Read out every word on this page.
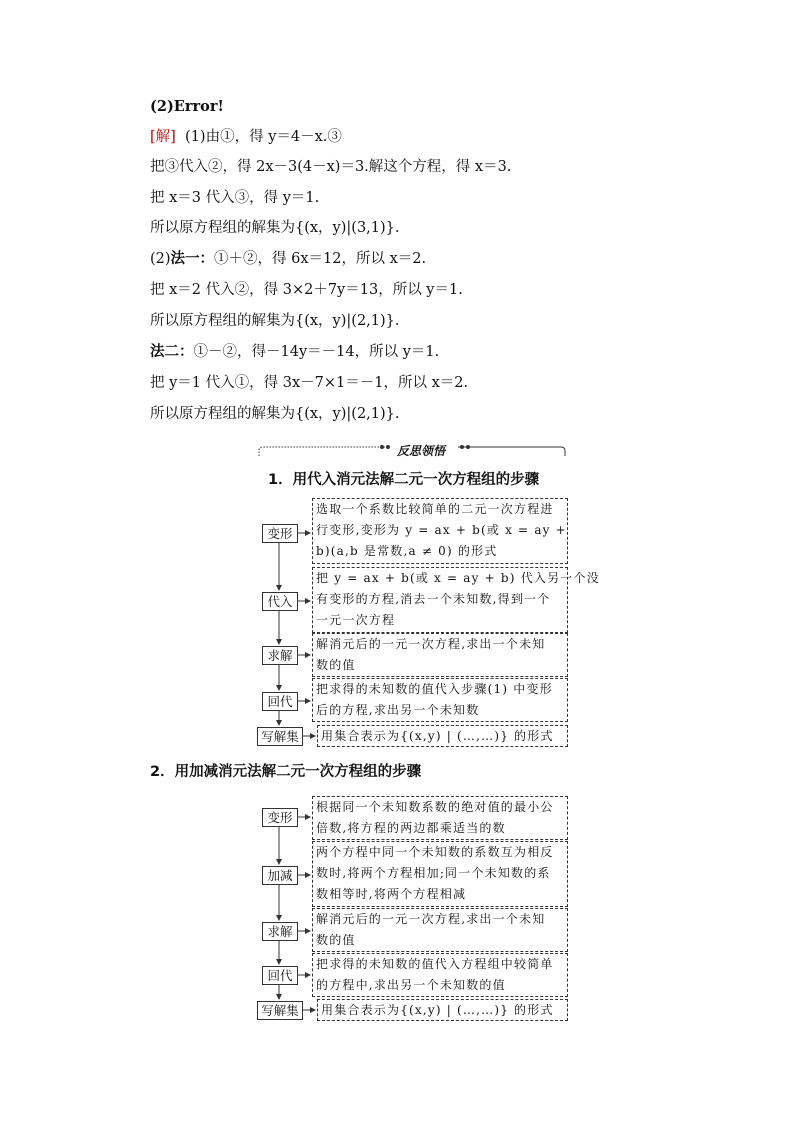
(2)Error!
[解] (1)由①，得 y＝4－x.③
把③代入②，得 2x－3(4－x)＝3.解这个方程，得 x＝3.
把 x＝3 代入③，得 y＝1.
所以原方程组的解集为{(x，y)|(3,1)}.
(2)法一：①＋②，得 6x＝12，所以 x＝2.
把 x＝2 代入②，得 3×2＋7y＝13，所以 y＝1.
所以原方程组的解集为{(x，y)|(2,1)}.
法二：①－②，得－14y＝－14，所以 y＝1.
把 y＝1 代入①，得 3x－7×1＝－1，所以 x＝2.
所以原方程组的解集为{(x，y)|(2,1)}.
反思领悟
1．用代入消元法解二元一次方程组的步骤
2．用加减消元法解二元一次方程组的步骤
变形
选取一个系数比较简单的二元一次方程进
行变形,变形为 y = ax + b(或 x = ay +
b)(a,b 是常数,a ≠ 0) 的形式
代入
把 y = ax + b(或 x = ay + b) 代入另一个没
有变形的方程,消去一个未知数,得到一个
一元一次方程
求解
解消元后的一元一次方程,求出一个未知
数的值
回代
把求得的未知数的值代入步骤(1) 中变形
后的方程,求出另一个未知数
写解集	用集合表示为{(x,y) | (…,…)} 的形式
变形
根据同一个未知数系数的绝对值的最小公
倍数,将方程的两边都乘适当的数
加减
两个方程中同一个未知数的系数互为相反
数时,将两个方程相加;同一个未知数的系
数相等时,将两个方程相减
求解
解消元后的一元一次方程,求出一个未知
数的值
回代
把求得的未知数的值代入方程组中较简单
的方程中,求出另一个未知数的值
写解集	用集合表示为{(x,y) | (…,…)} 的形式
